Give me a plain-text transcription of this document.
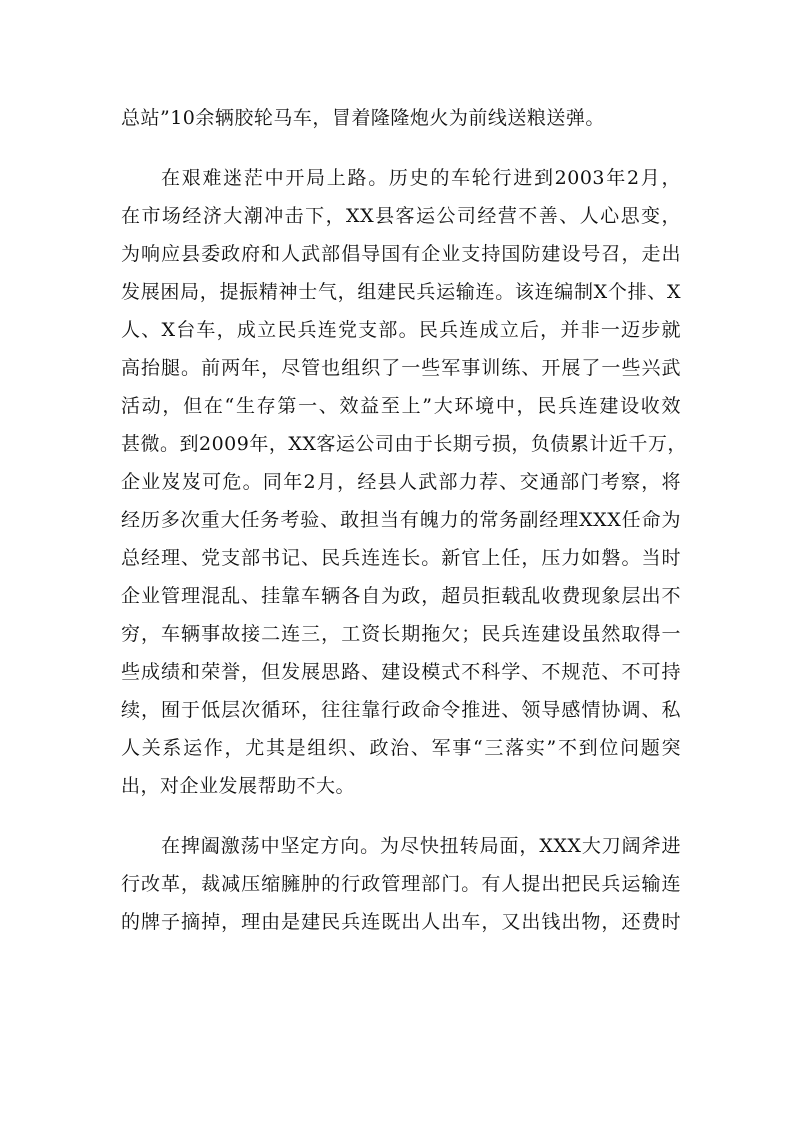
总站”10余辆胶轮马车，冒着隆隆炮火为前线送粮送弹。
在艰难迷茫中开局上路。历史的车轮行进到2003年2月，
在市场经济大潮冲击下，XX县客运公司经营不善、人心思变，
为响应县委政府和人武部倡导国有企业支持国防建设号召，走出
发展困局，提振精神士气，组建民兵运输连。该连编制X个排、X
人、X台车，成立民兵连党支部。民兵连成立后，并非一迈步就
高抬腿。前两年，尽管也组织了一些军事训练、开展了一些兴武
活动，但在“生存第一、效益至上”大环境中，民兵连建设收效
甚微。到2009年，XX客运公司由于长期亏损，负债累计近千万，
企业岌岌可危。同年2月，经县人武部力荐、交通部门考察，将
经历多次重大任务考验、敢担当有魄力的常务副经理XXX任命为
总经理、党支部书记、民兵连连长。新官上任，压力如磐。当时
企业管理混乱、挂靠车辆各自为政，超员拒载乱收费现象层出不
穷，车辆事故接二连三，工资长期拖欠；民兵连建设虽然取得一
些成绩和荣誉，但发展思路、建设模式不科学、不规范、不可持
续，囿于低层次循环，往往靠行政命令推进、领导感情协调、私
人关系运作，尤其是组织、政治、军事“三落实”不到位问题突
出，对企业发展帮助不大。
在捭阖激荡中坚定方向。为尽快扭转局面，XXX大刀阔斧进
行改革，裁减压缩臃肿的行政管理部门。有人提出把民兵运输连
的牌子摘掉，理由是建民兵连既出人出车，又出钱出物，还费时
